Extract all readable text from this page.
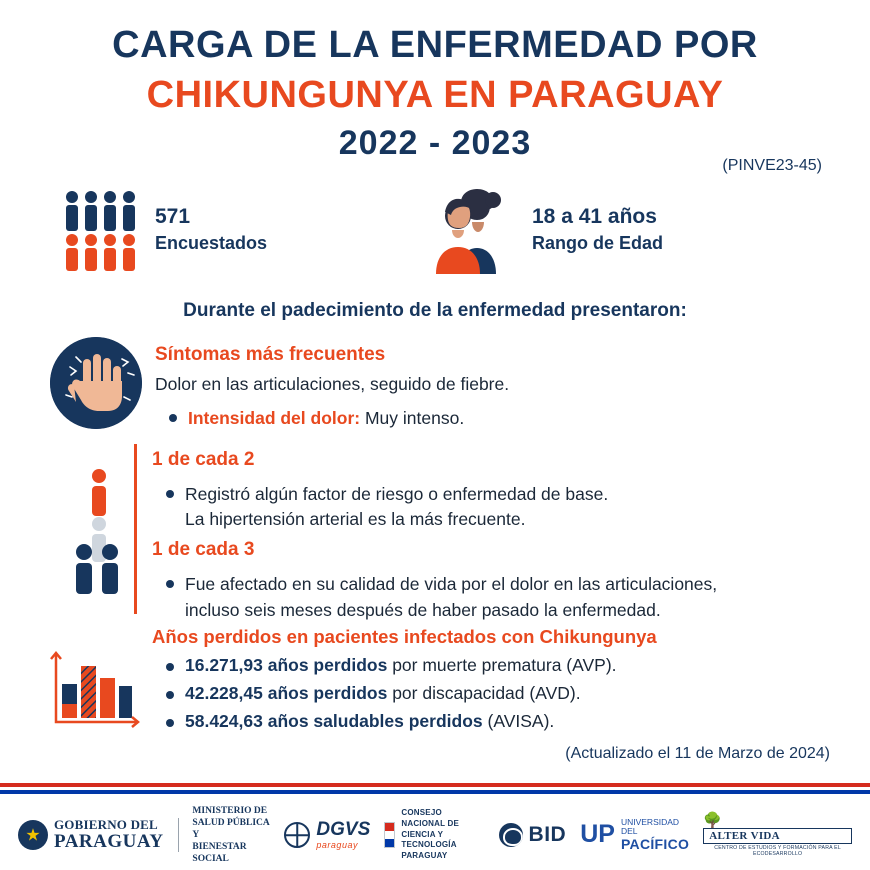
CARGA DE LA ENFERMEDAD POR
CHIKUNGUNYA EN PARAGUAY
2022 - 2023
(PINVE23-45)
571
Encuestados
18 a 41 años
Rango de Edad
Durante el padecimiento de la enfermedad presentaron:
Síntomas más frecuentes
Dolor en las articulaciones, seguido de fiebre.
Intensidad del dolor: Muy intenso.
1 de cada 2
Registró algún factor de riesgo o enfermedad de base.
La hipertensión arterial es la más frecuente.
1 de cada 3
Fue afectado en su calidad de vida por el dolor en las articulaciones,
incluso seis meses después de haber pasado la enfermedad.
Años perdidos en pacientes infectados con Chikungunya
16.271,93 años perdidos por muerte prematura (AVP).
42.228,45 años perdidos por discapacidad (AVD).
58.424,63 años saludables perdidos (AVISA).
(Actualizado el 11 de Marzo de 2024)
★
GOBIERNO DEL
PARAGUAY
MINISTERIO DE
SALUD PÚBLICA Y
BIENESTAR SOCIAL
DGVS
paraguay
CONSEJO NACIONAL DE
CIENCIA Y
TECNOLOGÍA
PARAGUAY
BID UP UNIVERSIDAD DEL
PACÍFICO
🌳
ALTER VIDA
CENTRO DE ESTUDIOS Y FORMACIÓN PARA EL ECODESARROLLO
